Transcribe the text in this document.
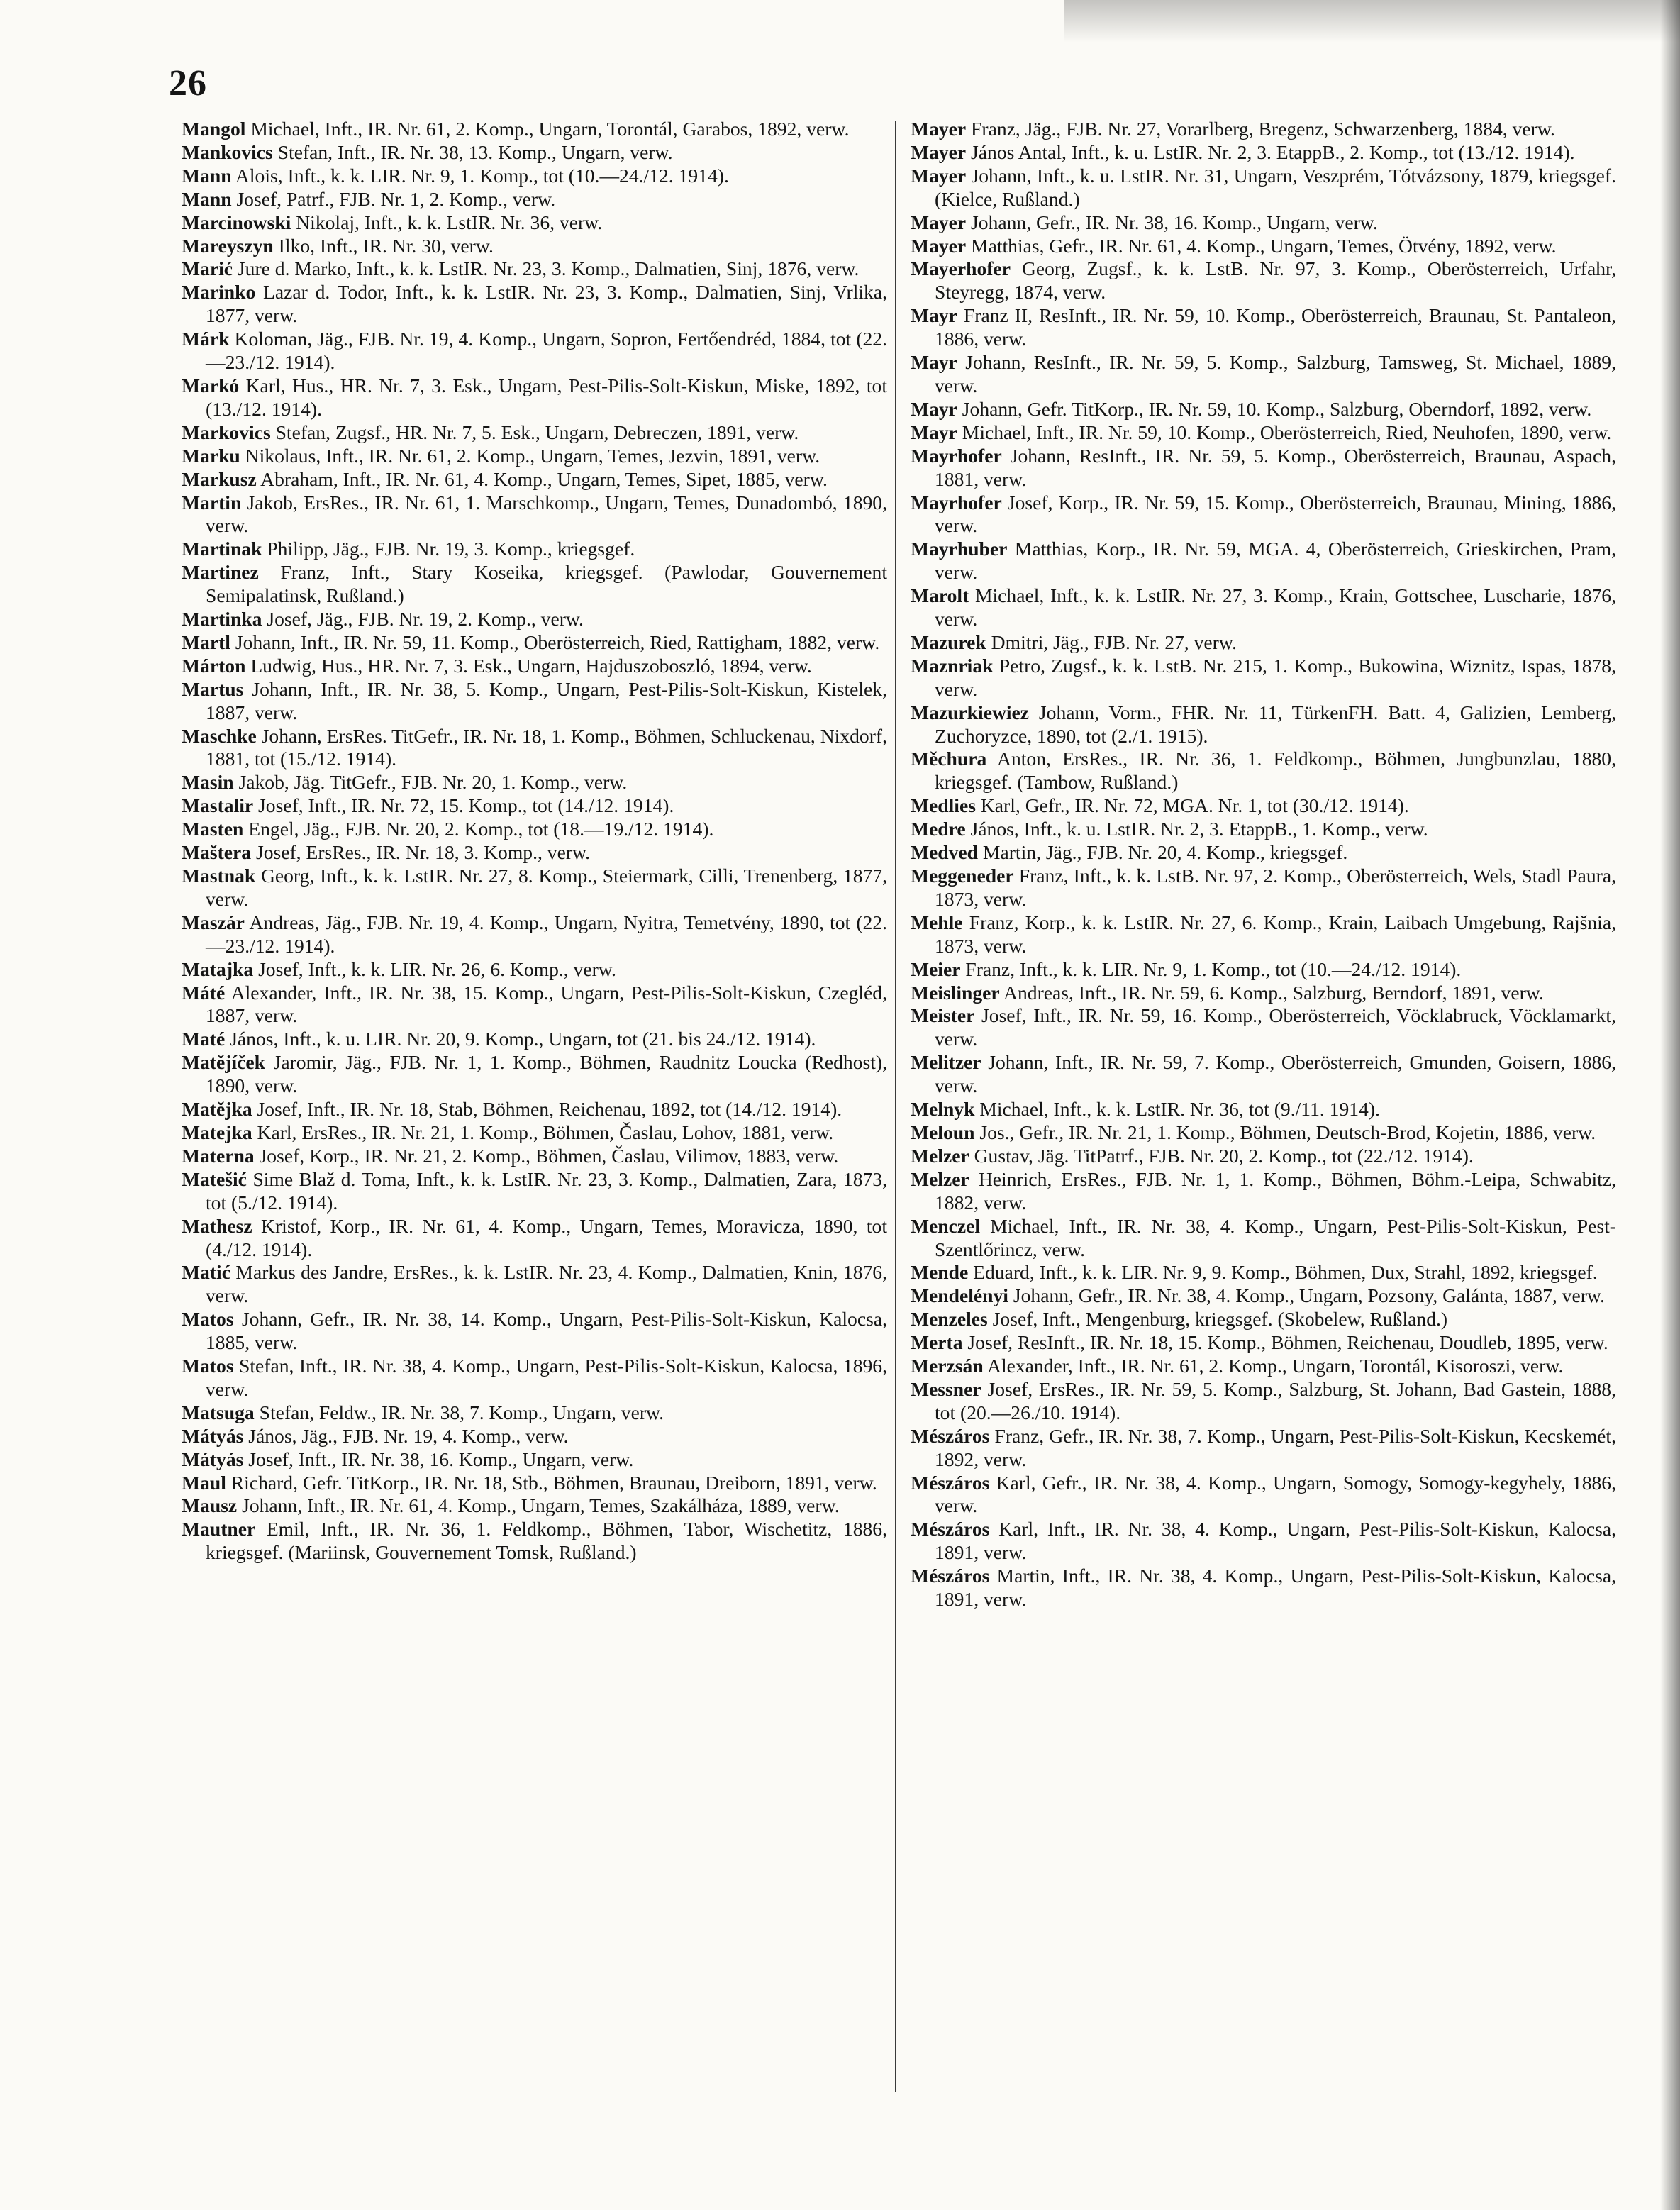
26

Mangol Michael, Inft., IR. Nr. 61, 2. Komp., Ungarn, Torontál, Garabos, 1892, verw.

Mankovics Stefan, Inft., IR. Nr. 38, 13. Komp., Ungarn, verw.

Mann Alois, Inft., k. k. LIR. Nr. 9, 1. Komp., tot (10.—24./12. 1914).

Mann Josef, Patrf., FJB. Nr. 1, 2. Komp., verw.

Marcinowski Nikolaj, Inft., k. k. LstIR. Nr. 36, verw.

Mareyszyn Ilko, Inft., IR. Nr. 30, verw.

Marić Jure d. Marko, Inft., k. k. LstIR. Nr. 23, 3. Komp., Dalmatien, Sinj, 1876, verw.

Marinko Lazar d. Todor, Inft., k. k. LstIR. Nr. 23, 3. Komp., Dalmatien, Sinj, Vrlika, 1877, verw.

Márk Koloman, Jäg., FJB. Nr. 19, 4. Komp., Ungarn, Sopron, Fertőendréd, 1884, tot (22.—23./12. 1914).

Markó Karl, Hus., HR. Nr. 7, 3. Esk., Ungarn, Pest-Pilis-Solt-Kiskun, Miske, 1892, tot (13./12. 1914).

Markovics Stefan, Zugsf., HR. Nr. 7, 5. Esk., Ungarn, Debreczen, 1891, verw.

Marku Nikolaus, Inft., IR. Nr. 61, 2. Komp., Ungarn, Temes, Jezvin, 1891, verw.

Markusz Abraham, Inft., IR. Nr. 61, 4. Komp., Ungarn, Temes, Sipet, 1885, verw.

Martin Jakob, ErsRes., IR. Nr. 61, 1. Marschkomp., Ungarn, Temes, Dunadombó, 1890, verw.

Martinak Philipp, Jäg., FJB. Nr. 19, 3. Komp., kriegsgef.

Martinez Franz, Inft., Stary Koseika, kriegsgef. (Pawlodar, Gouvernement Semipalatinsk, Rußland.)

Martinka Josef, Jäg., FJB. Nr. 19, 2. Komp., verw.

Martl Johann, Inft., IR. Nr. 59, 11. Komp., Oberösterreich, Ried, Rattigham, 1882, verw.

Márton Ludwig, Hus., HR. Nr. 7, 3. Esk., Ungarn, Hajduszoboszló, 1894, verw.

Martus Johann, Inft., IR. Nr. 38, 5. Komp., Ungarn, Pest-Pilis-Solt-Kiskun, Kistelek, 1887, verw.

Maschke Johann, ErsRes. TitGefr., IR. Nr. 18, 1. Komp., Böhmen, Schluckenau, Nixdorf, 1881, tot (15./12. 1914).

Masin Jakob, Jäg. TitGefr., FJB. Nr. 20, 1. Komp., verw.

Mastalir Josef, Inft., IR. Nr. 72, 15. Komp., tot (14./12. 1914).

Masten Engel, Jäg., FJB. Nr. 20, 2. Komp., tot (18.—19./12. 1914).

Maštera Josef, ErsRes., IR. Nr. 18, 3. Komp., verw.

Mastnak Georg, Inft., k. k. LstIR. Nr. 27, 8. Komp., Steiermark, Cilli, Trenenberg, 1877, verw.

Maszár Andreas, Jäg., FJB. Nr. 19, 4. Komp., Ungarn, Nyitra, Temetvény, 1890, tot (22.—23./12. 1914).

Matajka Josef, Inft., k. k. LIR. Nr. 26, 6. Komp., verw.

Máté Alexander, Inft., IR. Nr. 38, 15. Komp., Ungarn, Pest-Pilis-Solt-Kiskun, Czegléd, 1887, verw.

Maté János, Inft., k. u. LIR. Nr. 20, 9. Komp., Ungarn, tot (21. bis 24./12. 1914).

Matějíček Jaromir, Jäg., FJB. Nr. 1, 1. Komp., Böhmen, Raudnitz Loucka (Redhost), 1890, verw.

Matějka Josef, Inft., IR. Nr. 18, Stab, Böhmen, Reichenau, 1892, tot (14./12. 1914).

Matejka Karl, ErsRes., IR. Nr. 21, 1. Komp., Böhmen, Časlau, Lohov, 1881, verw.

Materna Josef, Korp., IR. Nr. 21, 2. Komp., Böhmen, Časlau, Vilimov, 1883, verw.

Matešić Sime Blaž d. Toma, Inft., k. k. LstIR. Nr. 23, 3. Komp., Dalmatien, Zara, 1873, tot (5./12. 1914).

Mathesz Kristof, Korp., IR. Nr. 61, 4. Komp., Ungarn, Temes, Moravicza, 1890, tot (4./12. 1914).

Matić Markus des Jandre, ErsRes., k. k. LstIR. Nr. 23, 4. Komp., Dalmatien, Knin, 1876, verw.

Matos Johann, Gefr., IR. Nr. 38, 14. Komp., Ungarn, Pest-Pilis-Solt-Kiskun, Kalocsa, 1885, verw.

Matos Stefan, Inft., IR. Nr. 38, 4. Komp., Ungarn, Pest-Pilis-Solt-Kiskun, Kalocsa, 1896, verw.

Matsuga Stefan, Feldw., IR. Nr. 38, 7. Komp., Ungarn, verw.

Mátyás János, Jäg., FJB. Nr. 19, 4. Komp., verw.

Mátyás Josef, Inft., IR. Nr. 38, 16. Komp., Ungarn, verw.

Maul Richard, Gefr. TitKorp., IR. Nr. 18, Stb., Böhmen, Braunau, Dreiborn, 1891, verw.

Mausz Johann, Inft., IR. Nr. 61, 4. Komp., Ungarn, Temes, Szakálháza, 1889, verw.

Mautner Emil, Inft., IR. Nr. 36, 1. Feldkomp., Böhmen, Tabor, Wischetitz, 1886, kriegsgef. (Mariinsk, Gouvernement Tomsk, Rußland.)

Mayer Franz, Jäg., FJB. Nr. 27, Vorarlberg, Bregenz, Schwarzenberg, 1884, verw.

Mayer János Antal, Inft., k. u. LstIR. Nr. 2, 3. EtappB., 2. Komp., tot (13./12. 1914).

Mayer Johann, Inft., k. u. LstIR. Nr. 31, Ungarn, Veszprém, Tótvázsony, 1879, kriegsgef. (Kielce, Rußland.)

Mayer Johann, Gefr., IR. Nr. 38, 16. Komp., Ungarn, verw.

Mayer Matthias, Gefr., IR. Nr. 61, 4. Komp., Ungarn, Temes, Ötvény, 1892, verw.

Mayerhofer Georg, Zugsf., k. k. LstB. Nr. 97, 3. Komp., Oberösterreich, Urfahr, Steyregg, 1874, verw.

Mayr Franz II, ResInft., IR. Nr. 59, 10. Komp., Oberösterreich, Braunau, St. Pantaleon, 1886, verw.

Mayr Johann, ResInft., IR. Nr. 59, 5. Komp., Salzburg, Tamsweg, St. Michael, 1889, verw.

Mayr Johann, Gefr. TitKorp., IR. Nr. 59, 10. Komp., Salzburg, Oberndorf, 1892, verw.

Mayr Michael, Inft., IR. Nr. 59, 10. Komp., Oberösterreich, Ried, Neuhofen, 1890, verw.

Mayrhofer Johann, ResInft., IR. Nr. 59, 5. Komp., Oberösterreich, Braunau, Aspach, 1881, verw.

Mayrhofer Josef, Korp., IR. Nr. 59, 15. Komp., Oberösterreich, Braunau, Mining, 1886, verw.

Mayrhuber Matthias, Korp., IR. Nr. 59, MGA. 4, Oberösterreich, Grieskirchen, Pram, verw.

Marolt Michael, Inft., k. k. LstIR. Nr. 27, 3. Komp., Krain, Gottschee, Luscharie, 1876, verw.

Mazurek Dmitri, Jäg., FJB. Nr. 27, verw.

Maznriak Petro, Zugsf., k. k. LstB. Nr. 215, 1. Komp., Bukowina, Wiznitz, Ispas, 1878, verw.

Mazurkiewiez Johann, Vorm., FHR. Nr. 11, TürkenFH. Batt. 4, Galizien, Lemberg, Zuchoryzce, 1890, tot (2./1. 1915).

Měchura Anton, ErsRes., IR. Nr. 36, 1. Feldkomp., Böhmen, Jungbunzlau, 1880, kriegsgef. (Tambow, Rußland.)

Medlies Karl, Gefr., IR. Nr. 72, MGA. Nr. 1, tot (30./12. 1914).

Medre János, Inft., k. u. LstIR. Nr. 2, 3. EtappB., 1. Komp., verw.

Medved Martin, Jäg., FJB. Nr. 20, 4. Komp., kriegsgef.

Meggeneder Franz, Inft., k. k. LstB. Nr. 97, 2. Komp., Oberösterreich, Wels, Stadl Paura, 1873, verw.

Mehle Franz, Korp., k. k. LstIR. Nr. 27, 6. Komp., Krain, Laibach Umgebung, Rajšnia, 1873, verw.

Meier Franz, Inft., k. k. LIR. Nr. 9, 1. Komp., tot (10.—24./12. 1914).

Meislinger Andreas, Inft., IR. Nr. 59, 6. Komp., Salzburg, Berndorf, 1891, verw.

Meister Josef, Inft., IR. Nr. 59, 16. Komp., Oberösterreich, Vöcklabruck, Vöcklamarkt, verw.

Melitzer Johann, Inft., IR. Nr. 59, 7. Komp., Oberösterreich, Gmunden, Goisern, 1886, verw.

Melnyk Michael, Inft., k. k. LstIR. Nr. 36, tot (9./11. 1914).

Meloun Jos., Gefr., IR. Nr. 21, 1. Komp., Böhmen, Deutsch-Brod, Kojetin, 1886, verw.

Melzer Gustav, Jäg. TitPatrf., FJB. Nr. 20, 2. Komp., tot (22./12. 1914).

Melzer Heinrich, ErsRes., FJB. Nr. 1, 1. Komp., Böhmen, Böhm.-Leipa, Schwabitz, 1882, verw.

Menczel Michael, Inft., IR. Nr. 38, 4. Komp., Ungarn, Pest-Pilis-Solt-Kiskun, Pest-Szentlőrincz, verw.

Mende Eduard, Inft., k. k. LIR. Nr. 9, 9. Komp., Böhmen, Dux, Strahl, 1892, kriegsgef.

Mendelényi Johann, Gefr., IR. Nr. 38, 4. Komp., Ungarn, Pozsony, Galánta, 1887, verw.

Menzeles Josef, Inft., Mengenburg, kriegsgef. (Skobelew, Rußland.)

Merta Josef, ResInft., IR. Nr. 18, 15. Komp., Böhmen, Reichenau, Doudleb, 1895, verw.

Merzsán Alexander, Inft., IR. Nr. 61, 2. Komp., Ungarn, Torontál, Kisoroszi, verw.

Messner Josef, ErsRes., IR. Nr. 59, 5. Komp., Salzburg, St. Johann, Bad Gastein, 1888, tot (20.—26./10. 1914).

Mészáros Franz, Gefr., IR. Nr. 38, 7. Komp., Ungarn, Pest-Pilis-Solt-Kiskun, Kecskemét, 1892, verw.

Mészáros Karl, Gefr., IR. Nr. 38, 4. Komp., Ungarn, Somogy, Somogy-kegyhely, 1886, verw.

Mészáros Karl, Inft., IR. Nr. 38, 4. Komp., Ungarn, Pest-Pilis-Solt-Kiskun, Kalocsa, 1891, verw.

Mészáros Martin, Inft., IR. Nr. 38, 4. Komp., Ungarn, Pest-Pilis-Solt-Kiskun, Kalocsa, 1891, verw.
